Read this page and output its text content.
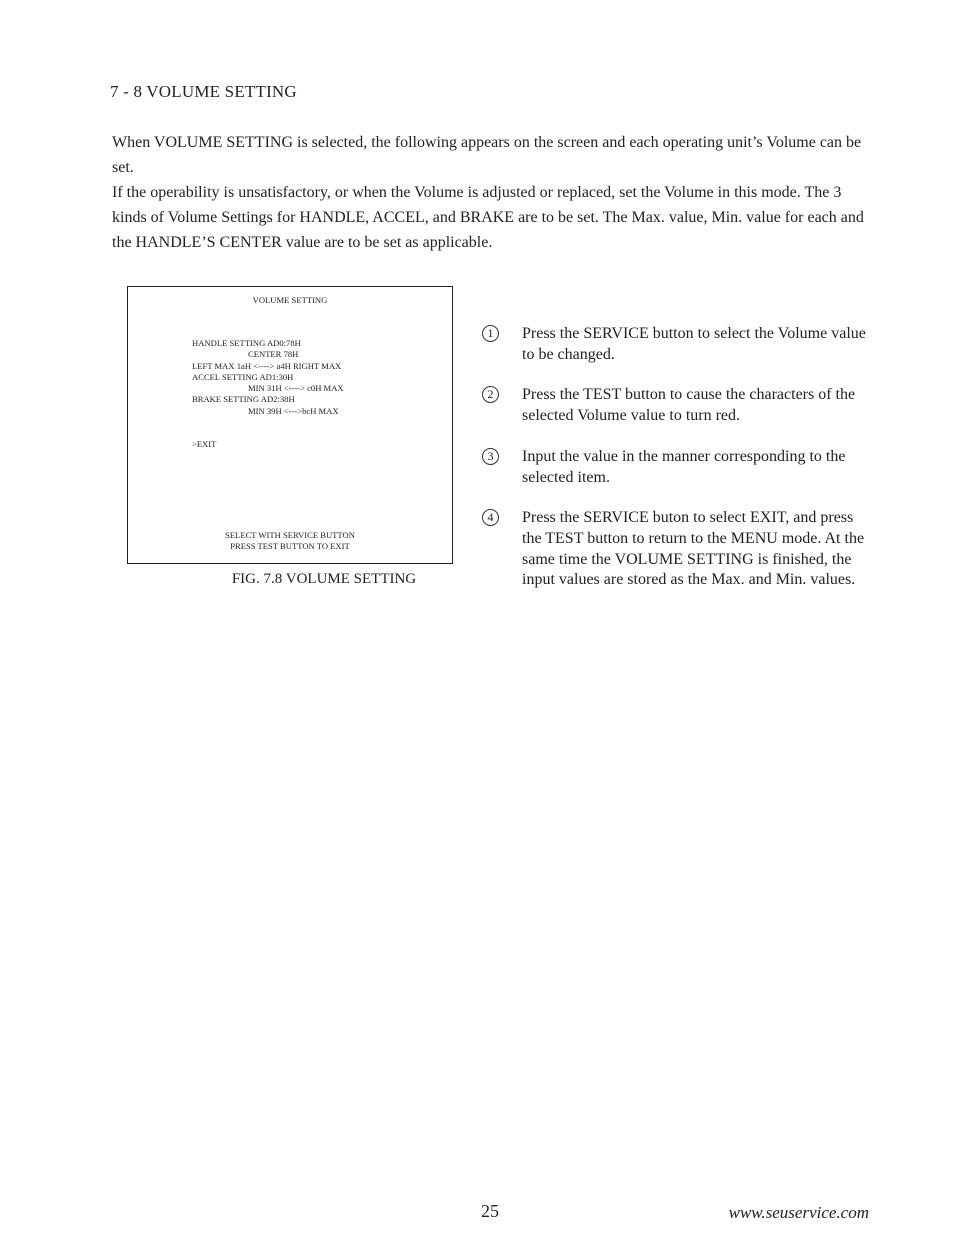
7 - 8 VOLUME SETTING

When VOLUME SETTING is selected, the following appears on the screen and each operating unit’s Volume can be set.

If the operability is unsatisfactory, or when the Volume is adjusted or replaced, set the Volume in this mode. The 3 kinds of Volume Settings for HANDLE, ACCEL, and BRAKE are to be set. The Max. value, Min. value for each and the HANDLE’S CENTER value are to be set as applicable.

VOLUME SETTING
HANDLE SETTING AD0:78H
CENTER 78H
LEFT MAX 1aH <----> a4H RIGHT MAX
ACCEL SETTING AD1:30H
MIN 31H <----> c0H MAX
BRAKE SETTING AD2:38H
MIN 39H <--->bcH MAX
>EXIT
SELECT WITH SERVICE BUTTON
PRESS TEST BUTTON TO EXIT

FIG. 7.8 VOLUME SETTING

1	Press the SERVICE button to select the Volume value to be changed.
2	Press the TEST button to cause the characters of the selected Volume value to turn red.
3	Input the value in the manner corresponding to the selected item.
4	Press the SERVICE buton to select EXIT, and press the TEST button to return to the MENU mode. At the same time the VOLUME SETTING is finished, the input values are stored as the Max. and Min. values.
25	www.seuservice.com
